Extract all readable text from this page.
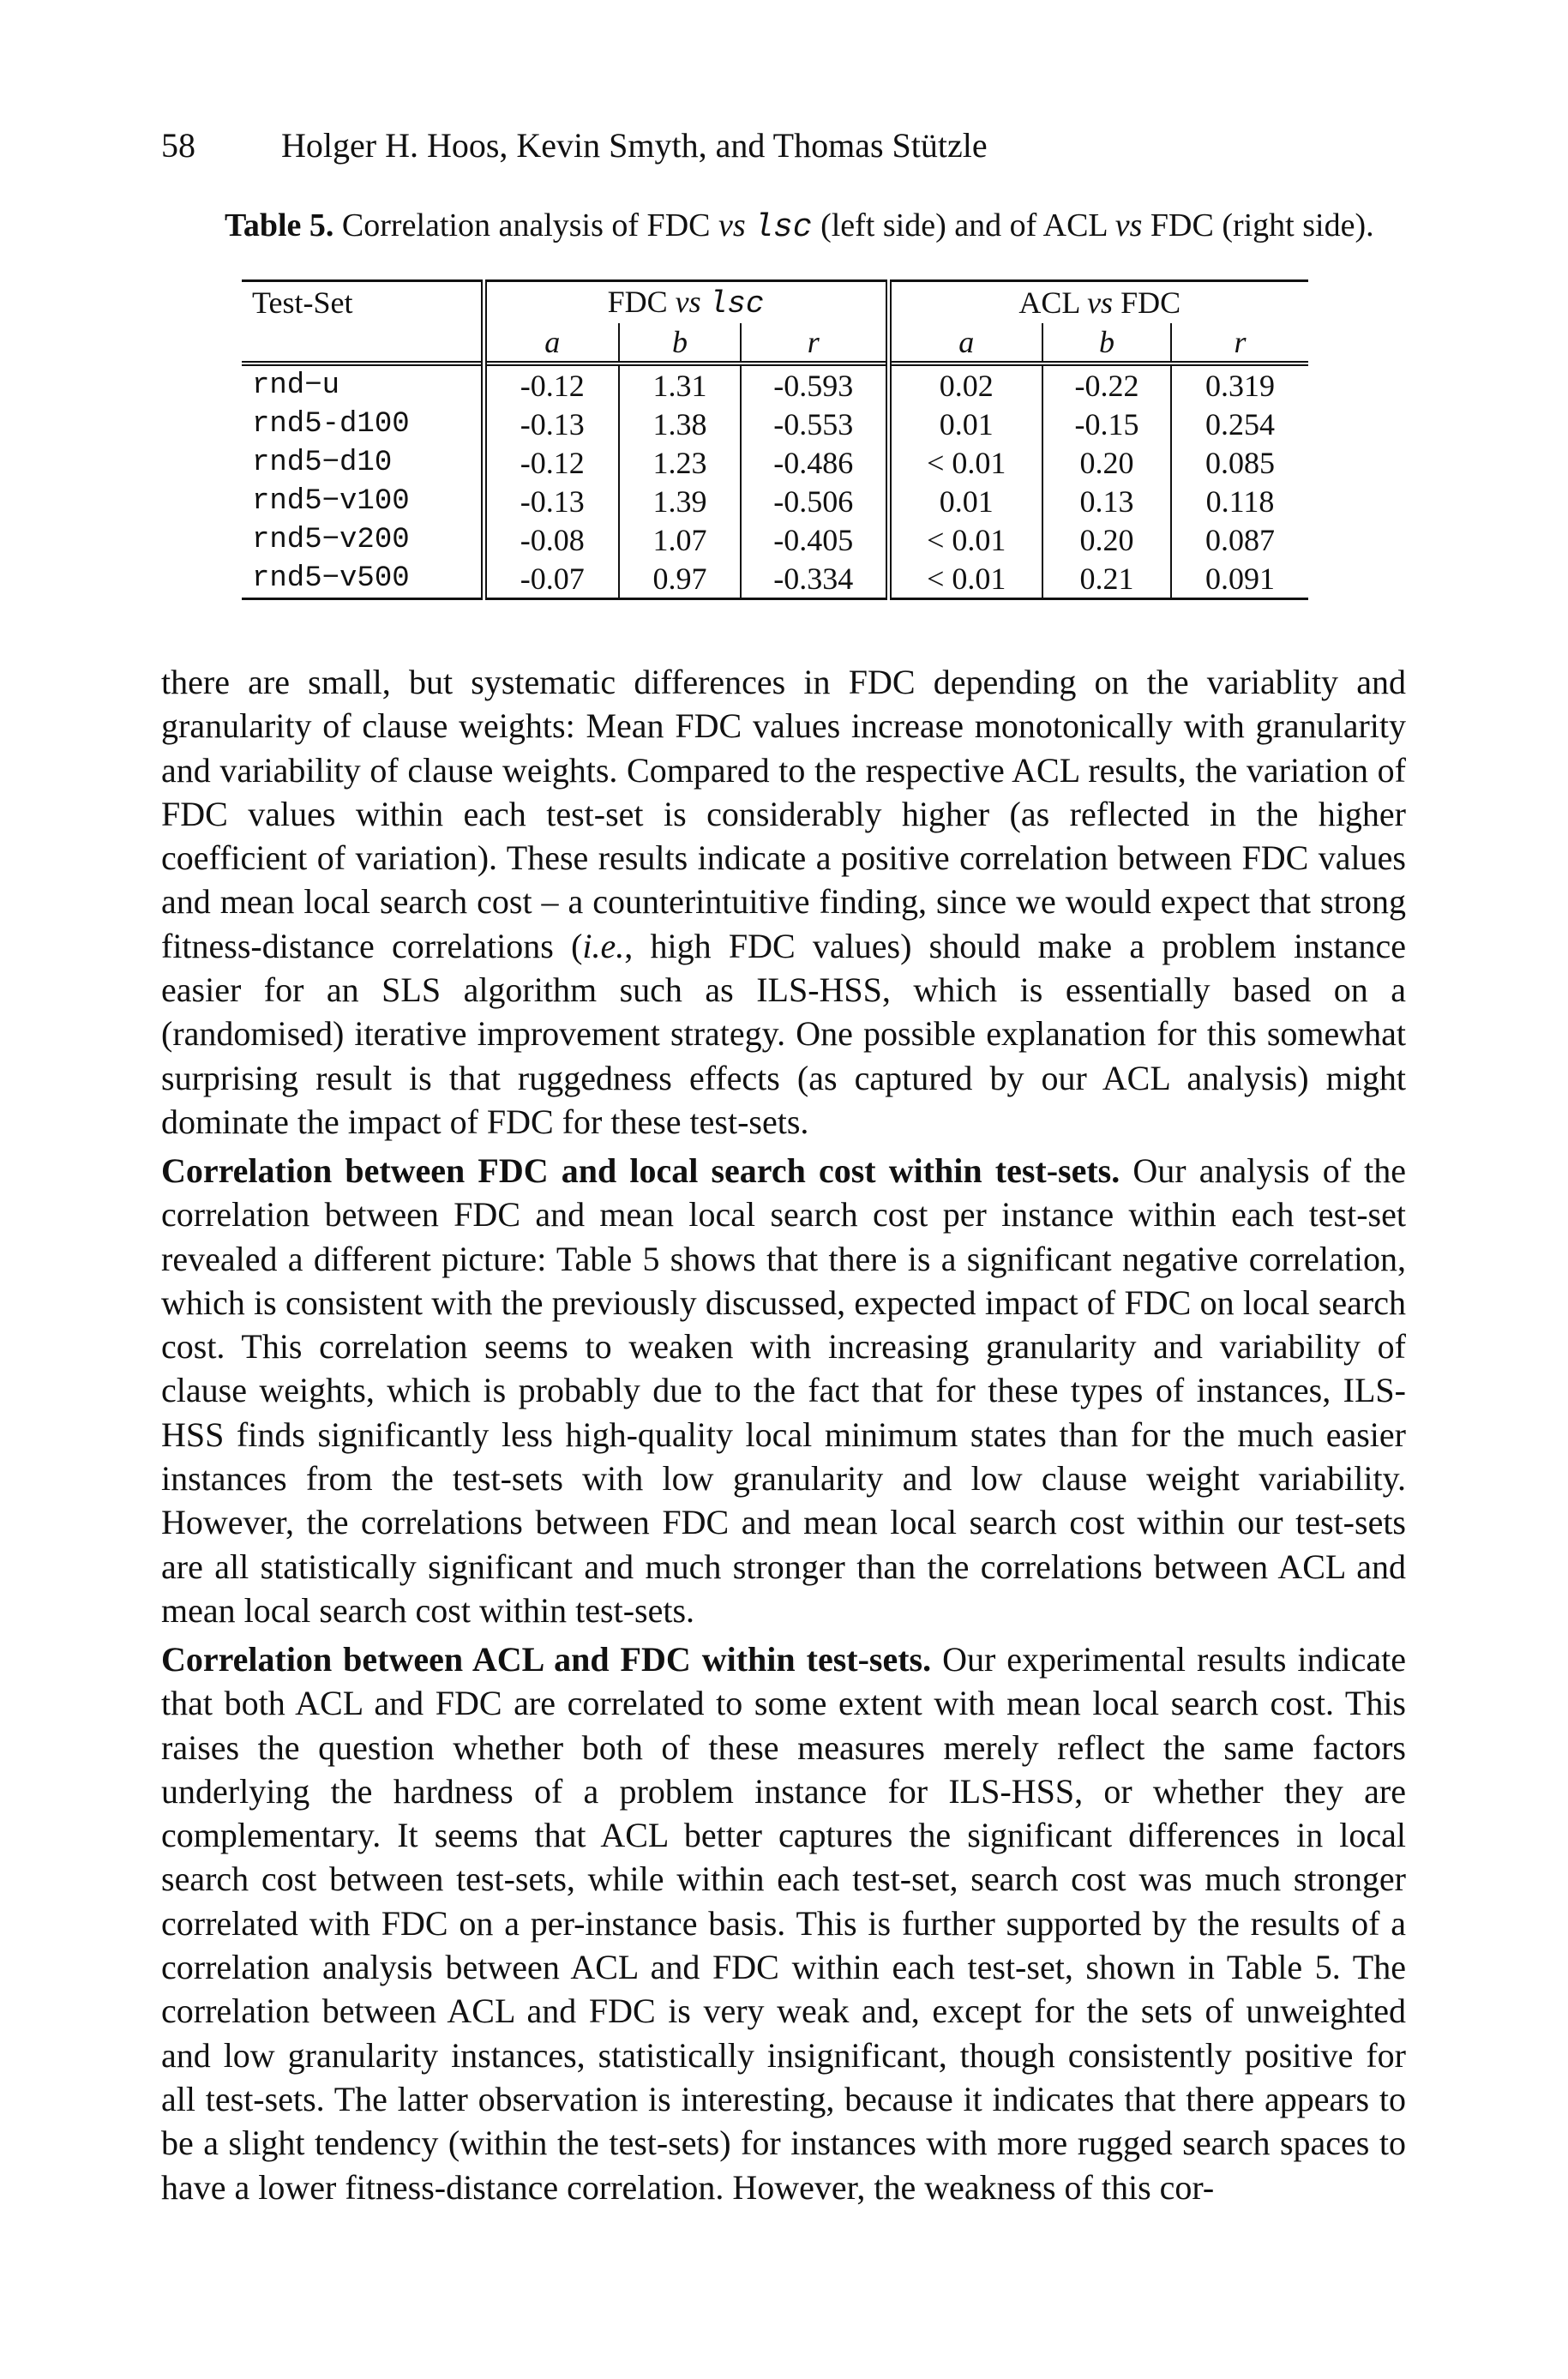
58	Holger H. Hoos, Kevin Smyth, and Thomas Stützle
Table 5. Correlation analysis of FDC vs lsc (left side) and of ACL vs FDC (right side).
Test-Set	FDC vs lsc			ACL vs FDC		
	a	b	r	a	b	r
rnd−u	-0.12	1.31	-0.593	0.02	-0.22	0.319
rnd5-d100	-0.13	1.38	-0.553	0.01	-0.15	0.254
rnd5−d10	-0.12	1.23	-0.486	< 0.01	0.20	0.085
rnd5−v100	-0.13	1.39	-0.506	0.01	0.13	0.118
rnd5−v200	-0.08	1.07	-0.405	< 0.01	0.20	0.087
rnd5−v500	-0.07	0.97	-0.334	< 0.01	0.21	0.091

there are small, but systematic differences in FDC depending on the variablity and granularity of clause weights: Mean FDC values increase monotonically with granularity and variability of clause weights. Compared to the respective ACL results, the variation of FDC values within each test-set is considerably higher (as reflected in the higher coefficient of variation). These results indicate a positive correlation between FDC values and mean local search cost – a counterintuitive finding, since we would expect that strong fitness-distance correlations (i.e., high FDC values) should make a problem instance easier for an SLS algorithm such as ILS-HSS, which is essentially based on a (randomised) iterative improvement strategy. One possible explanation for this somewhat surprising result is that ruggedness effects (as captured by our ACL analysis) might dominate the impact of FDC for these test-sets.

Correlation between FDC and local search cost within test-sets. Our analysis of the correlation between FDC and mean local search cost per instance within each test-set revealed a different picture: Table 5 shows that there is a significant negative correlation, which is consistent with the previously discussed, expected impact of FDC on local search cost. This correlation seems to weaken with increasing granularity and variability of clause weights, which is probably due to the fact that for these types of instances, ILS-HSS finds significantly less high-quality local minimum states than for the much easier instances from the test-sets with low granularity and low clause weight variability. However, the correlations between FDC and mean local search cost within our test-sets are all statistically significant and much stronger than the correlations between ACL and mean local search cost within test-sets.

Correlation between ACL and FDC within test-sets. Our experimental results indicate that both ACL and FDC are correlated to some extent with mean local search cost. This raises the question whether both of these measures merely reflect the same factors underlying the hardness of a problem instance for ILS-HSS, or whether they are complementary. It seems that ACL better captures the significant differences in local search cost between test-sets, while within each test-set, search cost was much stronger correlated with FDC on a per-instance basis. This is further supported by the results of a correlation analysis between ACL and FDC within each test-set, shown in Table 5. The correlation between ACL and FDC is very weak and, except for the sets of unweighted and low granularity instances, statistically insignificant, though consistently positive for all test-sets. The latter observation is interesting, because it indicates that there appears to be a slight tendency (within the test-sets) for instances with more rugged search spaces to have a lower fitness-distance correlation. However, the weakness of this cor-
